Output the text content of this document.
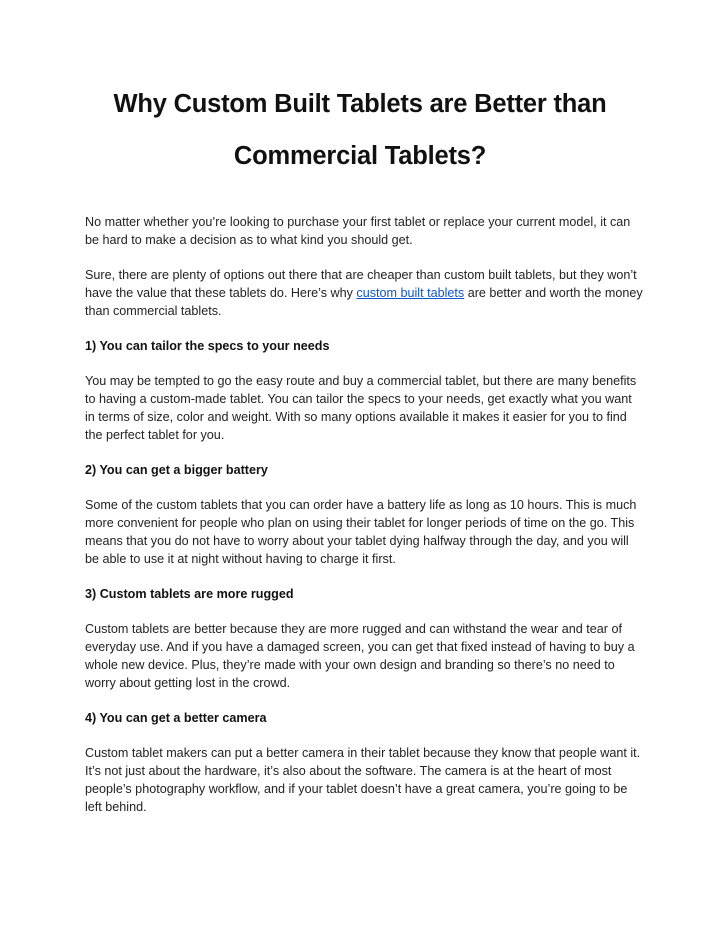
Why Custom Built Tablets are Better than
Commercial Tablets?

No matter whether you’re looking to purchase your first tablet or replace your current model, it can be hard to make a decision as to what kind you should get.

Sure, there are plenty of options out there that are cheaper than custom built tablets, but they won’t have the value that these tablets do. Here’s why custom built tablets are better and worth the money than commercial tablets.

1) You can tailor the specs to your needs

You may be tempted to go the easy route and buy a commercial tablet, but there are many benefits to having a custom-made tablet. You can tailor the specs to your needs, get exactly what you want in terms of size, color and weight. With so many options available it makes it easier for you to find the perfect tablet for you.

2) You can get a bigger battery

Some of the custom tablets that you can order have a battery life as long as 10 hours. This is much more convenient for people who plan on using their tablet for longer periods of time on the go. This means that you do not have to worry about your tablet dying halfway through the day, and you will be able to use it at night without having to charge it first.

3) Custom tablets are more rugged

Custom tablets are better because they are more rugged and can withstand the wear and tear of everyday use. And if you have a damaged screen, you can get that fixed instead of having to buy a whole new device. Plus, they’re made with your own design and branding so there’s no need to worry about getting lost in the crowd.

4) You can get a better camera

Custom tablet makers can put a better camera in their tablet because they know that people want it. It’s not just about the hardware, it’s also about the software. The camera is at the heart of most people’s photography workflow, and if your tablet doesn’t have a great camera, you’re going to be left behind.
